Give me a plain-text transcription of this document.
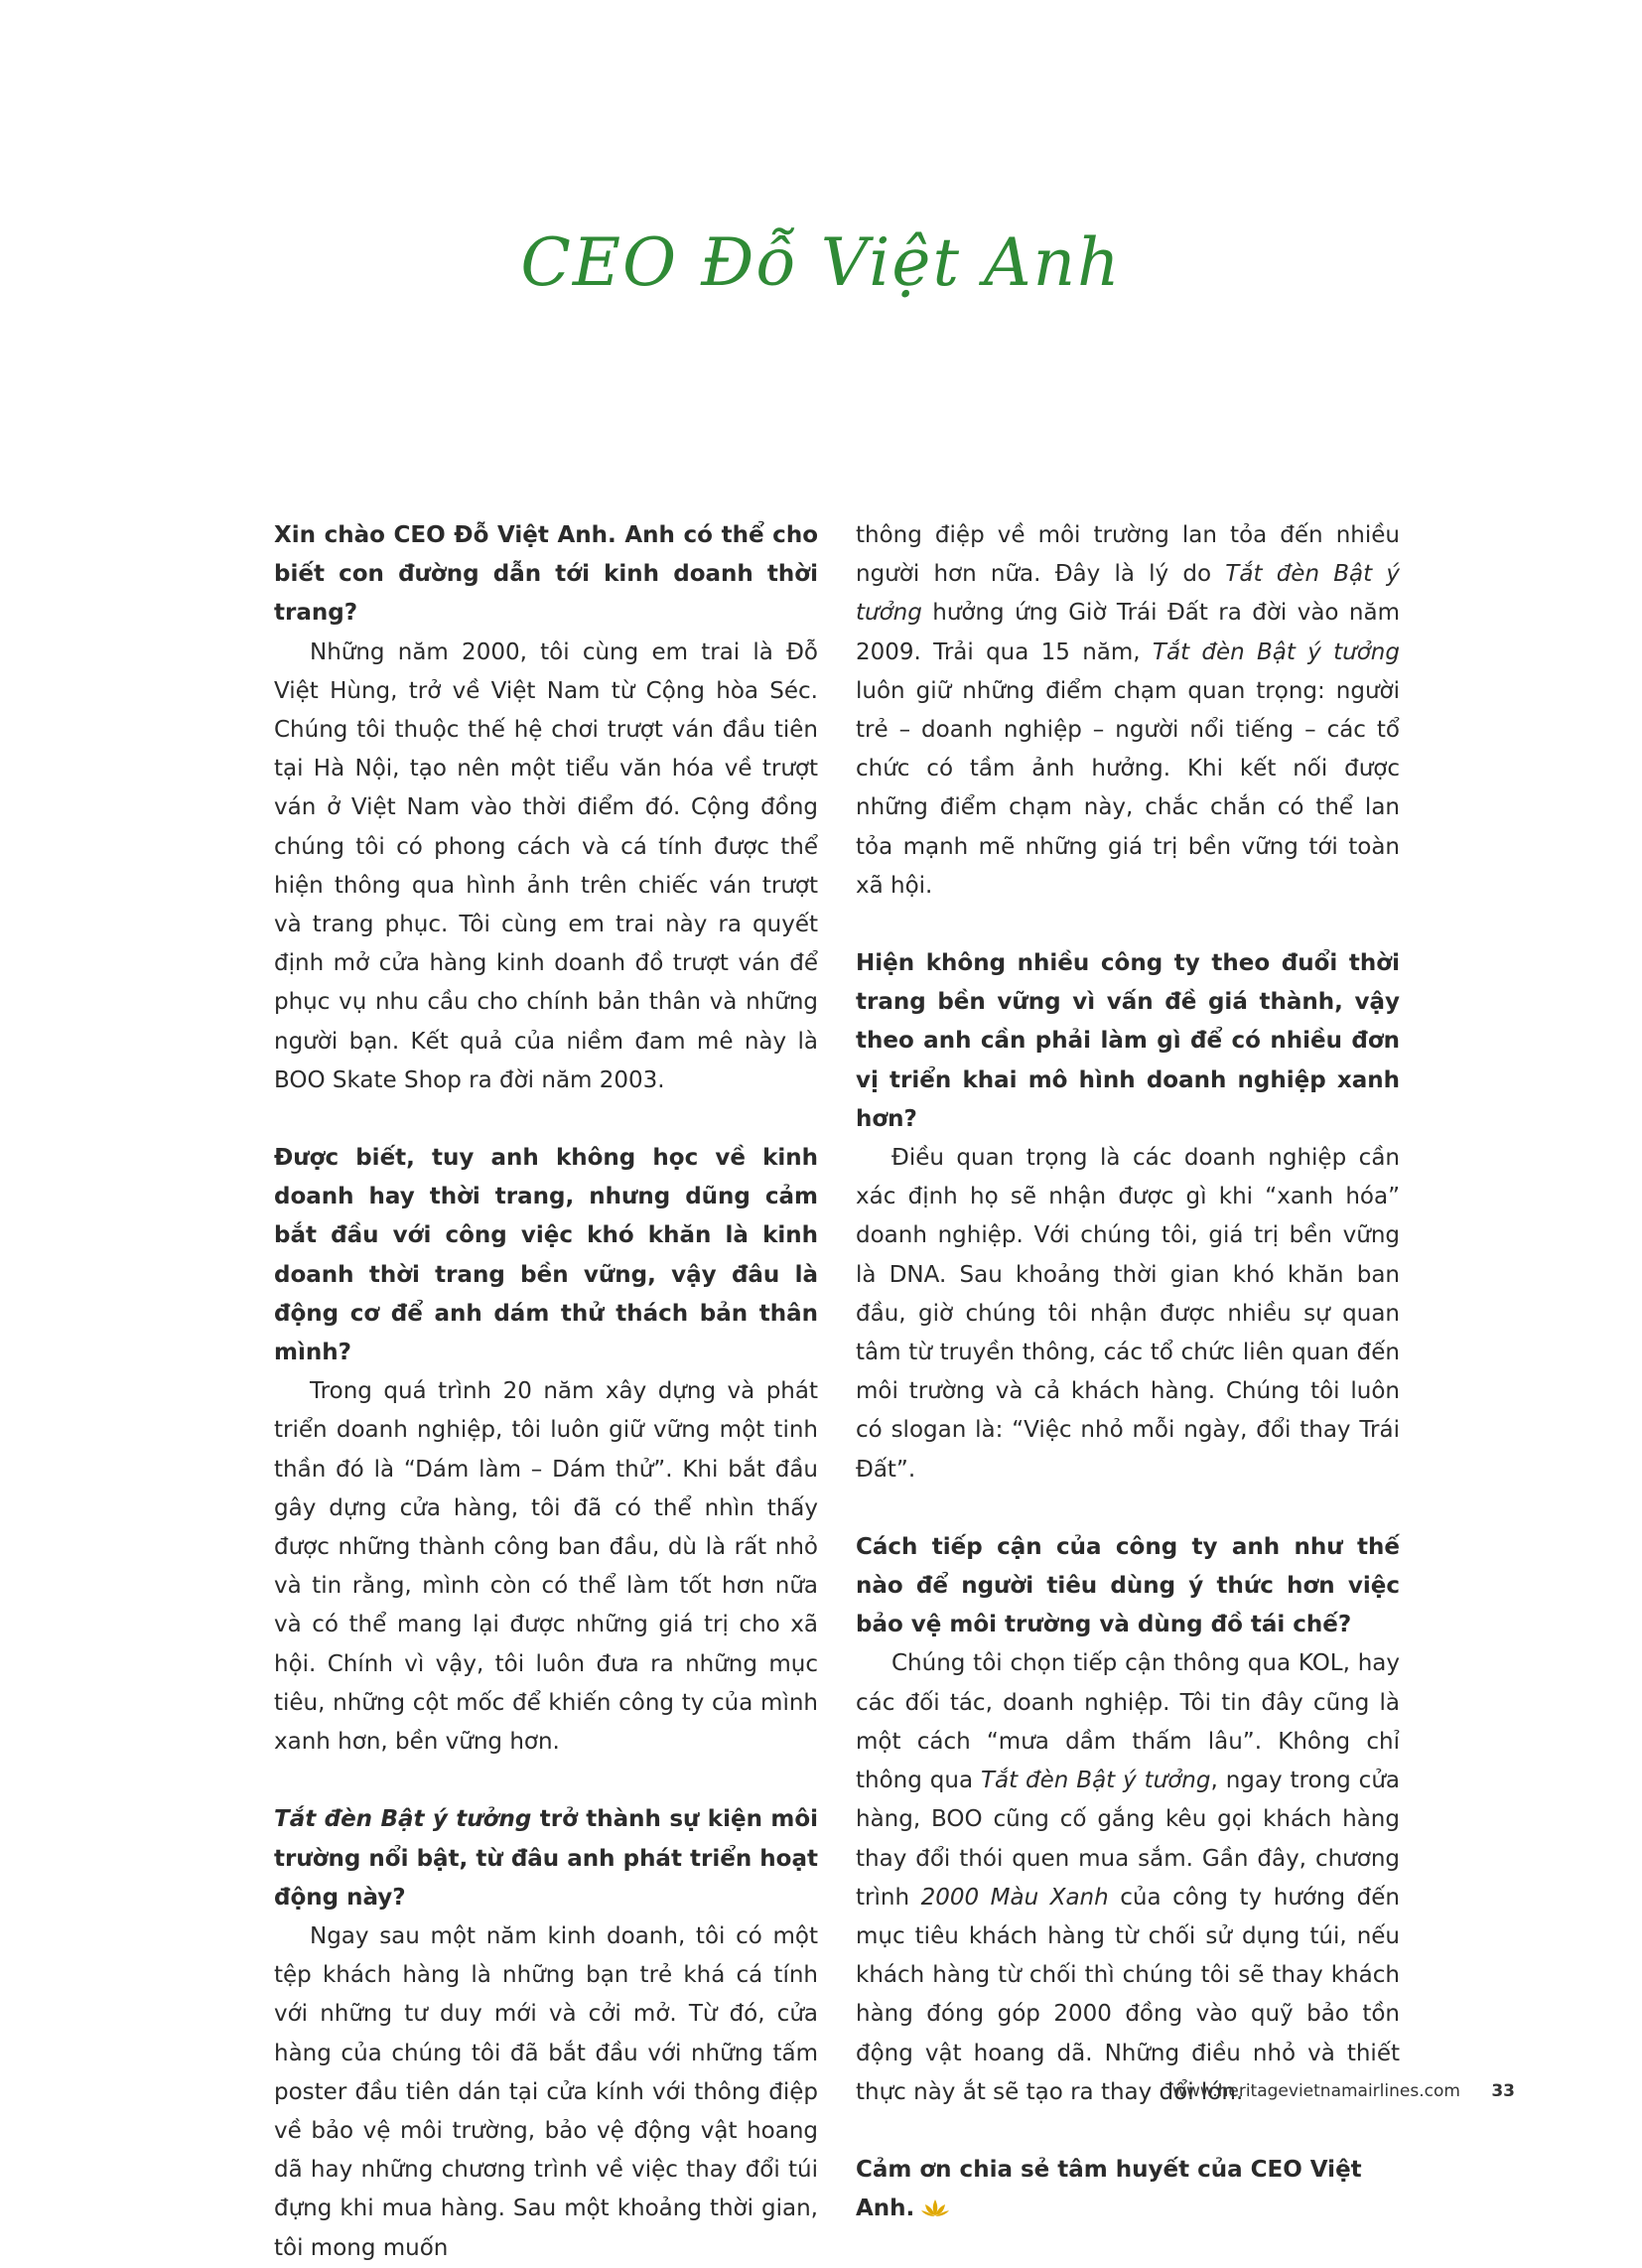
CEO Đỗ Việt Anh

Xin chào CEO Đỗ Việt Anh. Anh có thể cho biết con đường dẫn tới kinh doanh thời trang?

Những năm 2000, tôi cùng em trai là Đỗ Việt Hùng, trở về Việt Nam từ Cộng hòa Séc. Chúng tôi thuộc thế hệ chơi trượt ván đầu tiên tại Hà Nội, tạo nên một tiểu văn hóa về trượt ván ở Việt Nam vào thời điểm đó. Cộng đồng chúng tôi có phong cách và cá tính được thể hiện thông qua hình ảnh trên chiếc ván trượt và trang phục. Tôi cùng em trai này ra quyết định mở cửa hàng kinh doanh đồ trượt ván để phục vụ nhu cầu cho chính bản thân và những người bạn. Kết quả của niềm đam mê này là BOO Skate Shop ra đời năm 2003.

Được biết, tuy anh không học về kinh doanh hay thời trang, nhưng dũng cảm bắt đầu với công việc khó khăn là kinh doanh thời trang bền vững, vậy đâu là động cơ để anh dám thử thách bản thân mình?

Trong quá trình 20 năm xây dựng và phát triển doanh nghiệp, tôi luôn giữ vững một tinh thần đó là “Dám làm – Dám thử”. Khi bắt đầu gây dựng cửa hàng, tôi đã có thể nhìn thấy được những thành công ban đầu, dù là rất nhỏ và tin rằng, mình còn có thể làm tốt hơn nữa và có thể mang lại được những giá trị cho xã hội. Chính vì vậy, tôi luôn đưa ra những mục tiêu, những cột mốc để khiến công ty của mình xanh hơn, bền vững hơn.

Tắt đèn Bật ý tưởng trở thành sự kiện môi trường nổi bật, từ đâu anh phát triển hoạt động này?

Ngay sau một năm kinh doanh, tôi có một tệp khách hàng là những bạn trẻ khá cá tính với những tư duy mới và cởi mở. Từ đó, cửa hàng của chúng tôi đã bắt đầu với những tấm poster đầu tiên dán tại cửa kính với thông điệp về bảo vệ môi trường, bảo vệ động vật hoang dã hay những chương trình về việc thay đổi túi đựng khi mua hàng. Sau một khoảng thời gian, tôi mong muốn

thông điệp về môi trường lan tỏa đến nhiều người hơn nữa. Đây là lý do Tắt đèn Bật ý tưởng hưởng ứng Giờ Trái Đất ra đời vào năm 2009. Trải qua 15 năm, Tắt đèn Bật ý tưởng luôn giữ những điểm chạm quan trọng: người trẻ – doanh nghiệp – người nổi tiếng – các tổ chức có tầm ảnh hưởng. Khi kết nối được những điểm chạm này, chắc chắn có thể lan tỏa mạnh mẽ những giá trị bền vững tới toàn xã hội.

Hiện không nhiều công ty theo đuổi thời trang bền vững vì vấn đề giá thành, vậy theo anh cần phải làm gì để có nhiều đơn vị triển khai mô hình doanh nghiệp xanh hơn?

Điều quan trọng là các doanh nghiệp cần xác định họ sẽ nhận được gì khi “xanh hóa” doanh nghiệp. Với chúng tôi, giá trị bền vững là DNA. Sau khoảng thời gian khó khăn ban đầu, giờ chúng tôi nhận được nhiều sự quan tâm từ truyền thông, các tổ chức liên quan đến môi trường và cả khách hàng. Chúng tôi luôn có slogan là: “Việc nhỏ mỗi ngày, đổi thay Trái Đất”.

Cách tiếp cận của công ty anh như thế nào để người tiêu dùng ý thức hơn việc bảo vệ môi trường và dùng đồ tái chế?

Chúng tôi chọn tiếp cận thông qua KOL, hay các đối tác, doanh nghiệp. Tôi tin đây cũng là một cách “mưa dầm thấm lâu”. Không chỉ thông qua Tắt đèn Bật ý tưởng, ngay trong cửa hàng, BOO cũng cố gắng kêu gọi khách hàng thay đổi thói quen mua sắm. Gần đây, chương trình 2000 Màu Xanh của công ty hướng đến mục tiêu khách hàng từ chối sử dụng túi, nếu khách hàng từ chối thì chúng tôi sẽ thay khách hàng đóng góp 2000 đồng vào quỹ bảo tồn động vật hoang dã. Những điều nhỏ và thiết thực này ắt sẽ tạo ra thay đổi lớn.

Cảm ơn chia sẻ tâm huyết của CEO Việt Anh.

www.heritagevietnamairlines.com 33
